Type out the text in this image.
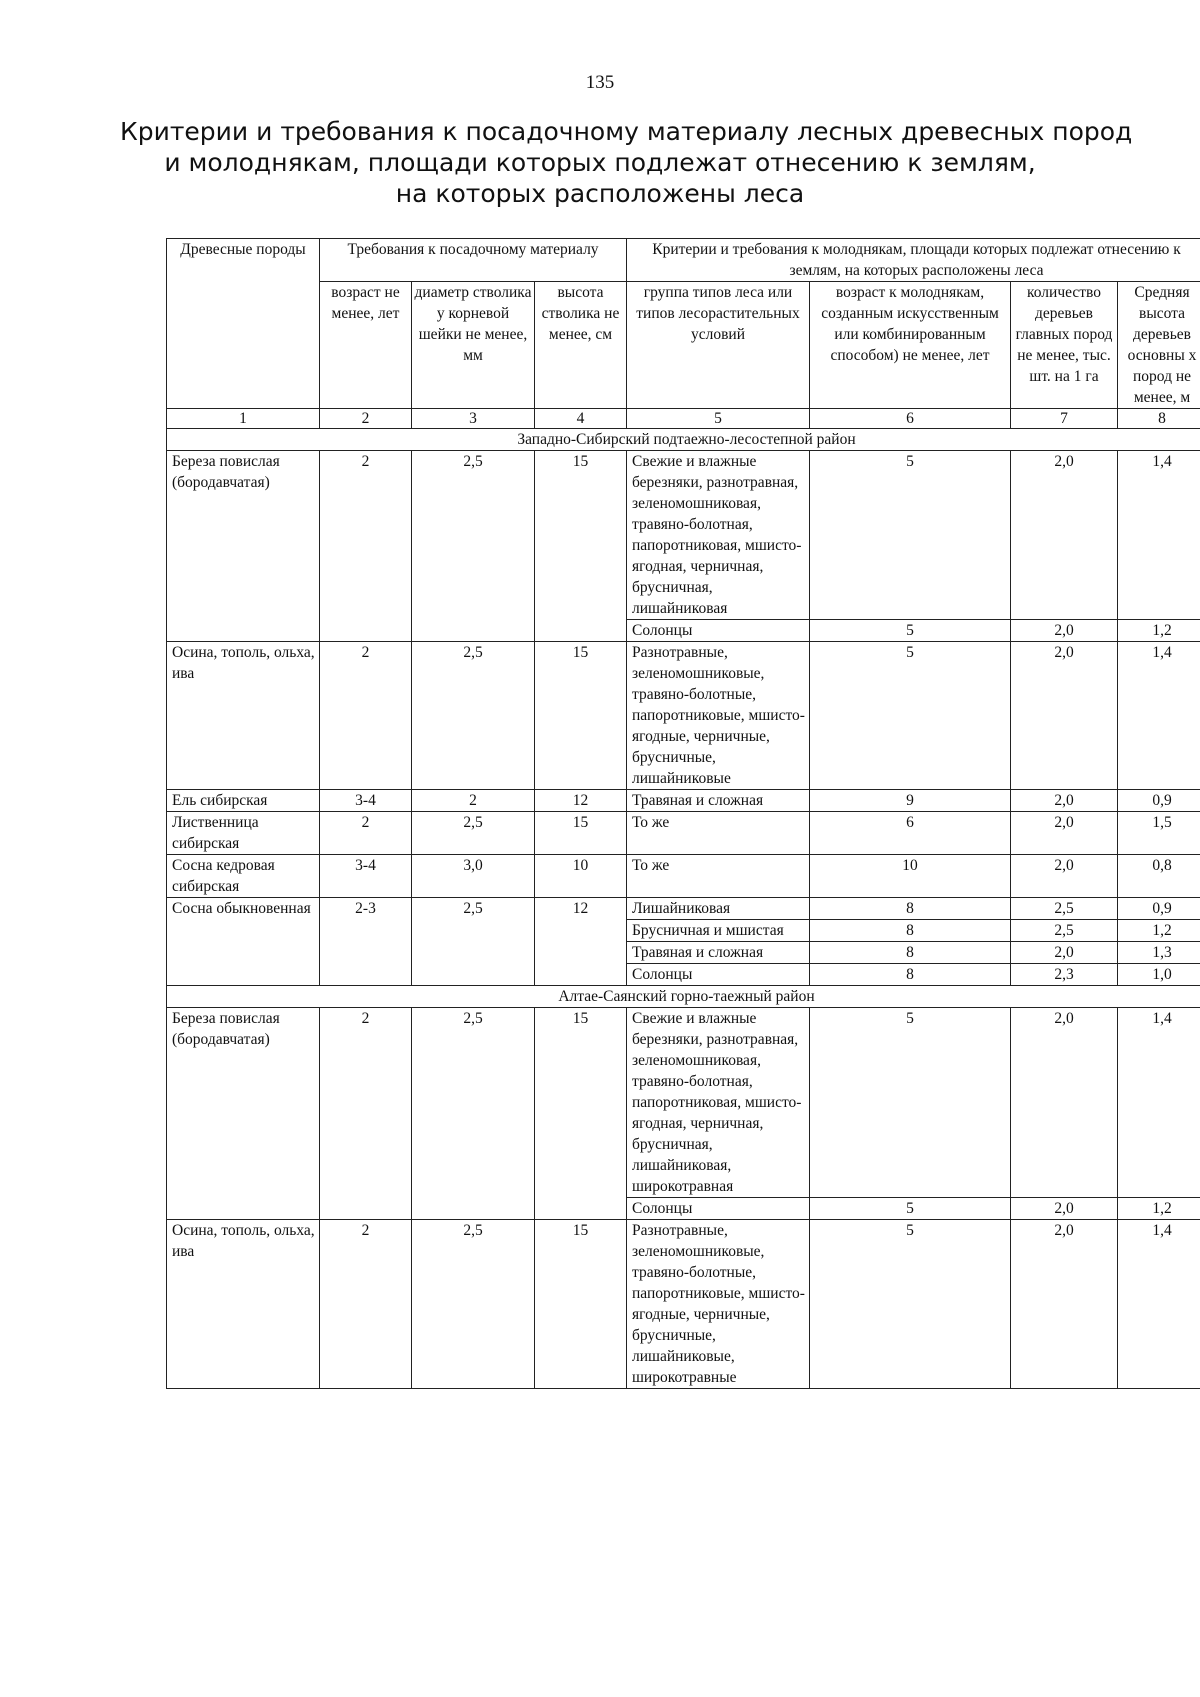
135
Критерии и требования к посадочному материалу лесных древесных пород
и молоднякам, площади которых подлежат отнесению к землям,
на которых расположены леса
Древесные породы	Требования к посадочному материалу			Критерии и требования к молоднякам, площади которых подлежат отнесению к землям, на которых расположены леса			
	возраст не менее, лет	диаметр стволика у корневой шейки не менее, мм	высота стволика не менее, см	группа типов леса или типов лесорастительных условий	возраст к молоднякам, созданным искусственным или комбинированным способом) не менее, лет	количество деревьев главных пород не менее, тыс. шт. на 1 га	Средняя высота деревьев основны х пород не менее, м
1	2	3	4	5	6	7	8
Западно-Сибирский подтаежно-лесостепной район							
Береза повислая (бородавчатая)	2	2,5	15	Свежие и влажные березняки, разнотравная, зеленомошниковая, травяно-болотная, папоротниковая, мшисто-ягодная, черничная, брусничная, лишайниковая	5	2,0	1,4
				Солонцы	5	2,0	1,2
Осина, тополь, ольха, ива	2	2,5	15	Разнотравные, зеленомошниковые, травяно-болотные, папоротниковые, мшисто-ягодные, черничные, брусничные, лишайниковые	5	2,0	1,4
Ель сибирская	3-4	2	12	Травяная и сложная	9	2,0	0,9
Лиственница сибирская	2	2,5	15	То же	6	2,0	1,5
Сосна кедровая сибирская	3-4	3,0	10	То же	10	2,0	0,8
Сосна обыкновенная	2-3	2,5	12	Лишайниковая	8	2,5	0,9
				Брусничная и мшистая	8	2,5	1,2
				Травяная и сложная	8	2,0	1,3
				Солонцы	8	2,3	1,0
Алтае-Саянский горно-таежный район							
Береза повислая (бородавчатая)	2	2,5	15	Свежие и влажные березняки, разнотравная, зеленомошниковая, травяно-болотная, папоротниковая, мшисто-ягодная, черничная, брусничная, лишайниковая, широкотравная	5	2,0	1,4
				Солонцы	5	2,0	1,2
Осина, тополь, ольха, ива	2	2,5	15	Разнотравные, зеленомошниковые, травяно-болотные, папоротниковые, мшисто-ягодные, черничные, брусничные, лишайниковые, широкотравные	5	2,0	1,4
